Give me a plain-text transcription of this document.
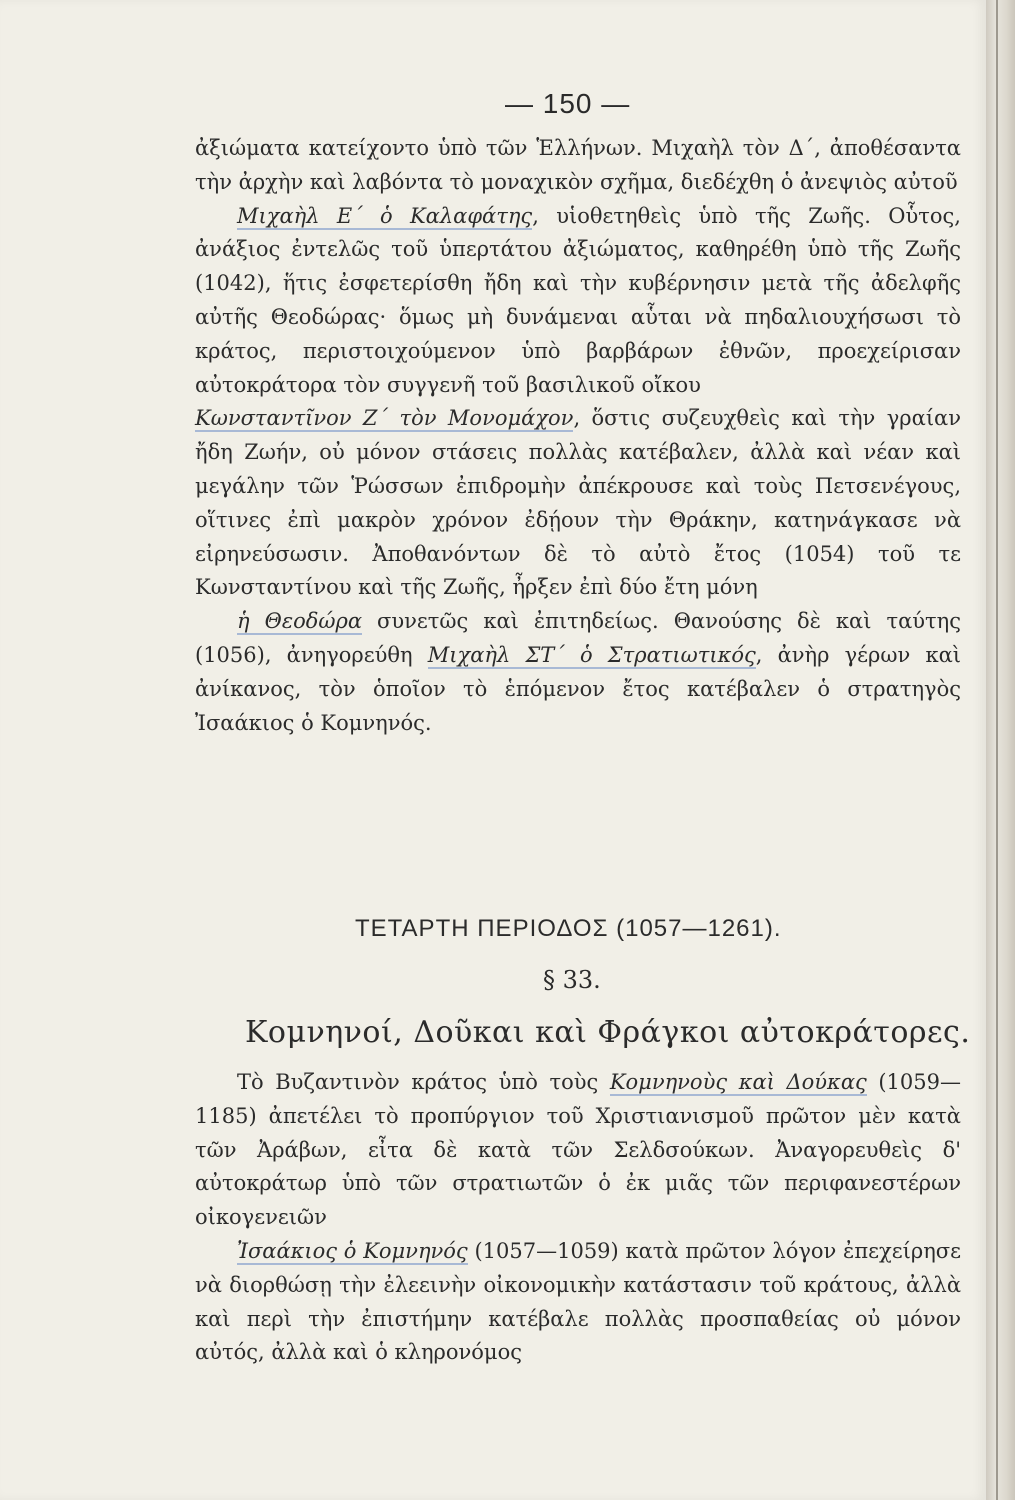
— 150 —

ἀξιώματα κατείχοντο ὑπὸ τῶν Ἑλλήνων. Μιχαὴλ τὸν Δ΄, ἀποθέσαντα τὴν ἀρχὴν καὶ λαβόντα τὸ μοναχικὸν σχῆμα, διεδέχθη ὁ ἀνεψιὸς αὐτοῦ

Μιχαὴλ Ε΄ ὁ Καλαφάτης, υἱοθετηθεὶς ὑπὸ τῆς Ζωῆς. Οὗτος, ἀνάξιος ἐντελῶς τοῦ ὑπερτάτου ἀξιώματος, καθηρέθη ὑπὸ τῆς Ζωῆς (1042), ἥτις ἐσφετερίσθη ἤδη καὶ τὴν κυβέρνησιν μετὰ τῆς ἀδελφῆς αὐτῆς Θεοδώρας· ὅμως μὴ δυνάμεναι αὗται νὰ πηδαλιουχήσωσι τὸ κράτος, περιστοιχούμενον ὑπὸ βαρβάρων ἐθνῶν, προεχείρισαν αὐτοκράτορα τὸν συγγενῆ τοῦ βασιλικοῦ οἴκου

Κωνσταντῖνον Ζ΄ τὸν Μονομάχον, ὅστις συζευχθεὶς καὶ τὴν γραίαν ἤδη Ζωήν, οὐ μόνον στάσεις πολλὰς κατέβαλεν, ἀλλὰ καὶ νέαν καὶ μεγάλην τῶν Ῥώσσων ἐπιδρομὴν ἀπέκρουσε καὶ τοὺς Πετσενέγους, οἵτινες ἐπὶ μακρὸν χρόνον ἐδῄουν τὴν Θράκην, κατηνάγκασε νὰ εἰρηνεύσωσιν. Ἀποθανόντων δὲ τὸ αὐτὸ ἔτος (1054) τοῦ τε Κωνσταντίνου καὶ τῆς Ζωῆς, ἦρξεν ἐπὶ δύο ἔτη μόνη

ἡ Θεοδώρα συνετῶς καὶ ἐπιτηδείως. Θανούσης δὲ καὶ ταύτης (1056), ἀνηγορεύθη Μιχαὴλ ΣΤ΄ ὁ Στρατιωτικός, ἀνὴρ γέρων καὶ ἀνίκανος, τὸν ὁποῖον τὸ ἑπόμενον ἔτος κατέβαλεν ὁ στρατηγὸς Ἰσαάκιος ὁ Κομνηνός.

ΤΕΤΑΡΤΗ ΠΕΡΙΟΔΟΣ (1057—1261).
§ 33.
Κομνηνοί, Δοῦκαι καὶ Φράγκοι αὐτοκράτορες.

Τὸ Βυζαντινὸν κράτος ὑπὸ τοὺς Κομνηνοὺς καὶ Δούκας (1059—1185) ἀπετέλει τὸ προπύργιον τοῦ Χριστιανισμοῦ πρῶτον μὲν κατὰ τῶν Ἀράβων, εἶτα δὲ κατὰ τῶν Σελδσούκων. Ἀναγορευθεὶς δ' αὐτοκράτωρ ὑπὸ τῶν στρατιωτῶν ὁ ἐκ μιᾶς τῶν περιφανεστέρων οἰκογενειῶν

Ἰσαάκιος ὁ Κομνηνός (1057—1059) κατὰ πρῶτον λόγον ἐπεχείρησε νὰ διορθώσῃ τὴν ἐλεεινὴν οἰκονομικὴν κατάστασιν τοῦ κράτους, ἀλλὰ καὶ περὶ τὴν ἐπιστήμην κατέβαλε πολλὰς προσπαθείας οὐ μόνον αὐτός, ἀλλὰ καὶ ὁ κληρονόμος
